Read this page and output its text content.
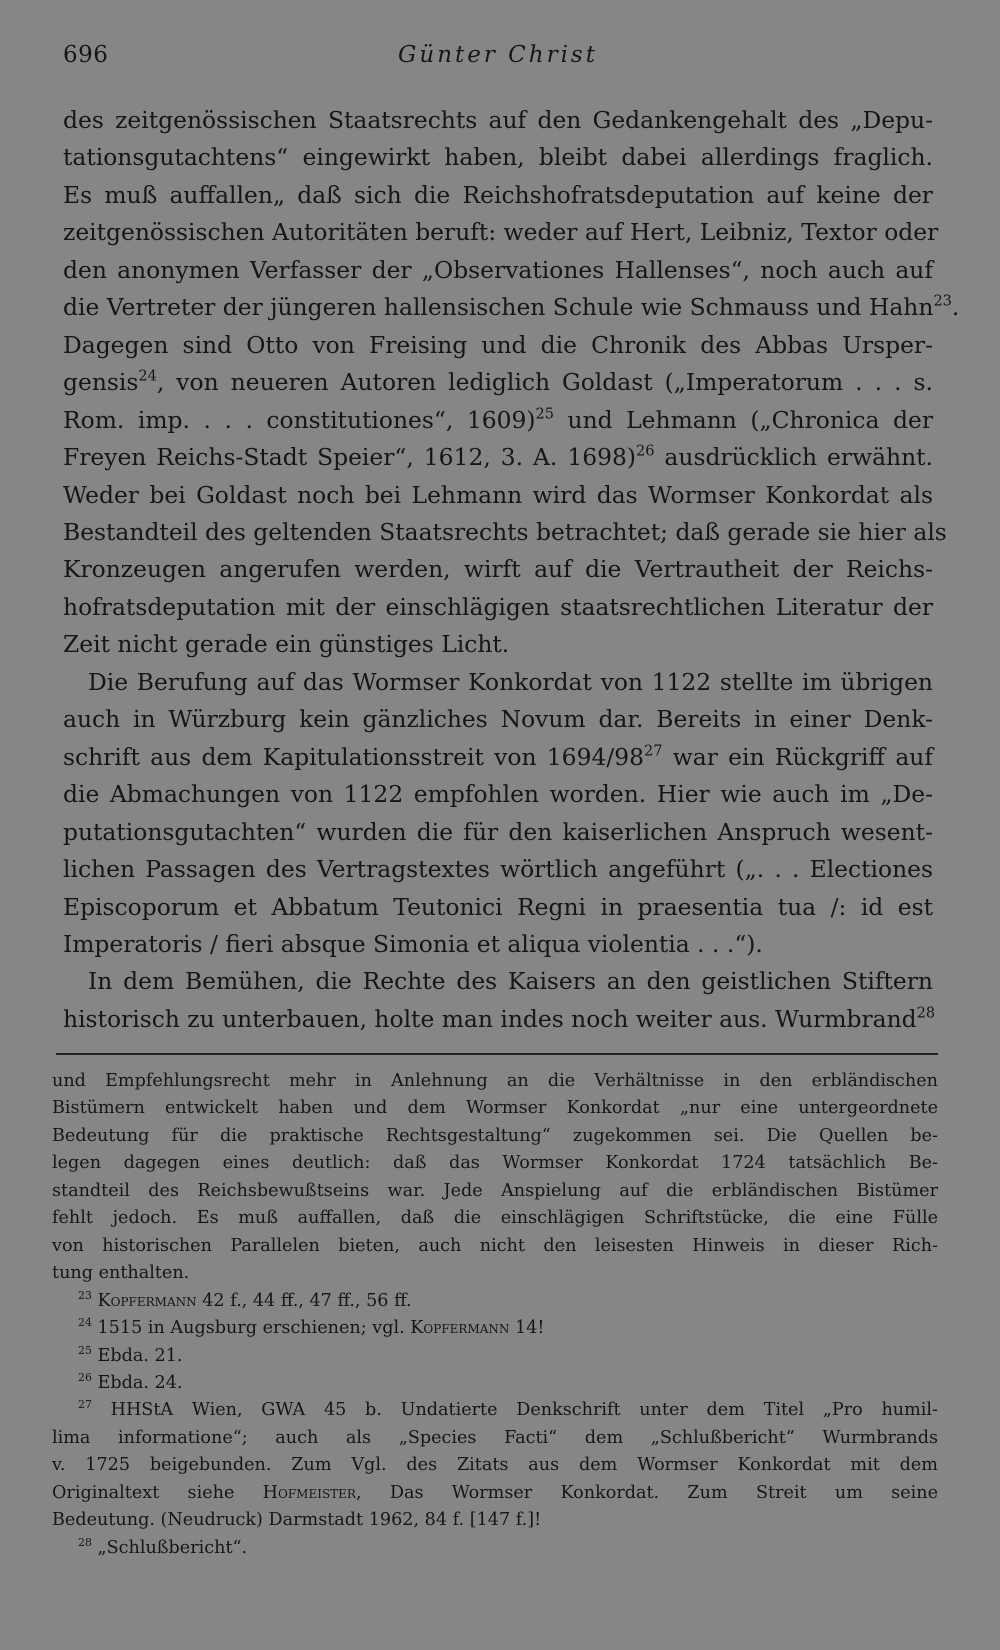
696	Günter Christ
des zeitgenössischen Staatsrechts auf den Gedankengehalt des „Depu-
tationsgutachtens“ eingewirkt haben, bleibt dabei allerdings fraglich.
Es muß auffallen„ daß sich die Reichshofratsdeputation auf keine der
zeitgenössischen Autoritäten beruft: weder auf Hert, Leibniz, Textor oder
den anonymen Verfasser der „Observationes Hallenses“, noch auch auf
die Vertreter der jüngeren hallensischen Schule wie Schmauss und Hahn$^{23}$.
Dagegen sind Otto von Freising und die Chronik des Abbas Ursper-
gensis$^{24}$, von neueren Autoren lediglich Goldast („Imperatorum . . . s.
Rom. imp. . . . constitutiones“, 1609)$^{25}$ und Lehmann („Chronica der
Freyen Reichs-Stadt Speier“, 1612, 3. A. 1698)$^{26}$ ausdrücklich erwähnt.
Weder bei Goldast noch bei Lehmann wird das Wormser Konkordat als
Bestandteil des geltenden Staatsrechts betrachtet; daß gerade sie hier als
Kronzeugen angerufen werden, wirft auf die Vertrautheit der Reichs-
hofratsdeputation mit der einschlägigen staatsrechtlichen Literatur der
Zeit nicht gerade ein günstiges Licht.
Die Berufung auf das Wormser Konkordat von 1122 stellte im übrigen
auch in Würzburg kein gänzliches Novum dar. Bereits in einer Denk-
schrift aus dem Kapitulationsstreit von $1694/98^{27}$ war ein Rückgriff auf
die Abmachungen von 1122 empfohlen worden. Hier wie auch im „De-
putationsgutachten“ wurden die für den kaiserlichen Anspruch wesent-
lichen Passagen des Vertragstextes wörtlich angeführt („. . . Electiones
Episcoporum et Abbatum Teutonici Regni in praesentia tua /: id est
Imperatoris / fieri absque Simonia et aliqua violentia . . .“).
In dem Bemühen, die Rechte des Kaisers an den geistlichen Stiftern
historisch zu unterbauen, holte man indes noch weiter aus. Wurmbrand$^{28}$
und Empfehlungsrecht mehr in Anlehnung an die Verhältnisse in den erbländischen
Bistümern entwickelt haben und dem Wormser Konkordat „nur eine untergeordnete
Bedeutung für die praktische Rechtsgestaltung“ zugekommen sei. Die Quellen be-
legen dagegen eines deutlich: daß das Wormser Konkordat 1724 tatsächlich Be-
standteil des Reichsbewußtseins war. Jede Anspielung auf die erbländischen Bistümer
fehlt jedoch. Es muß auffallen, daß die einschlägigen Schriftstücke, die eine Fülle
von historischen Parallelen bieten, auch nicht den leisesten Hinweis in dieser Rich-
tung enthalten.
$^{23}$ Kopfermann 42 f., 44 ff., 47 ff., 56 ff.
$^{24}$ 1515 in Augsburg erschienen; vgl. Kopfermann 14!
$^{25}$ Ebda. 21.
$^{26}$ Ebda. 24.
$^{27}$ HHStA Wien, GWA 45 b. Undatierte Denkschrift unter dem Titel „Pro humil-
lima informatione“; auch als „Species Facti“ dem „Schlußbericht“ Wurmbrands
v. 1725 beigebunden. Zum Vgl. des Zitats aus dem Wormser Konkordat mit dem
Originaltext siehe Hofmeister, Das Wormser Konkordat. Zum Streit um seine
Bedeutung. (Neudruck) Darmstadt 1962, 84 f. [147 f.]!
$^{28}$ „Schlußbericht“.
